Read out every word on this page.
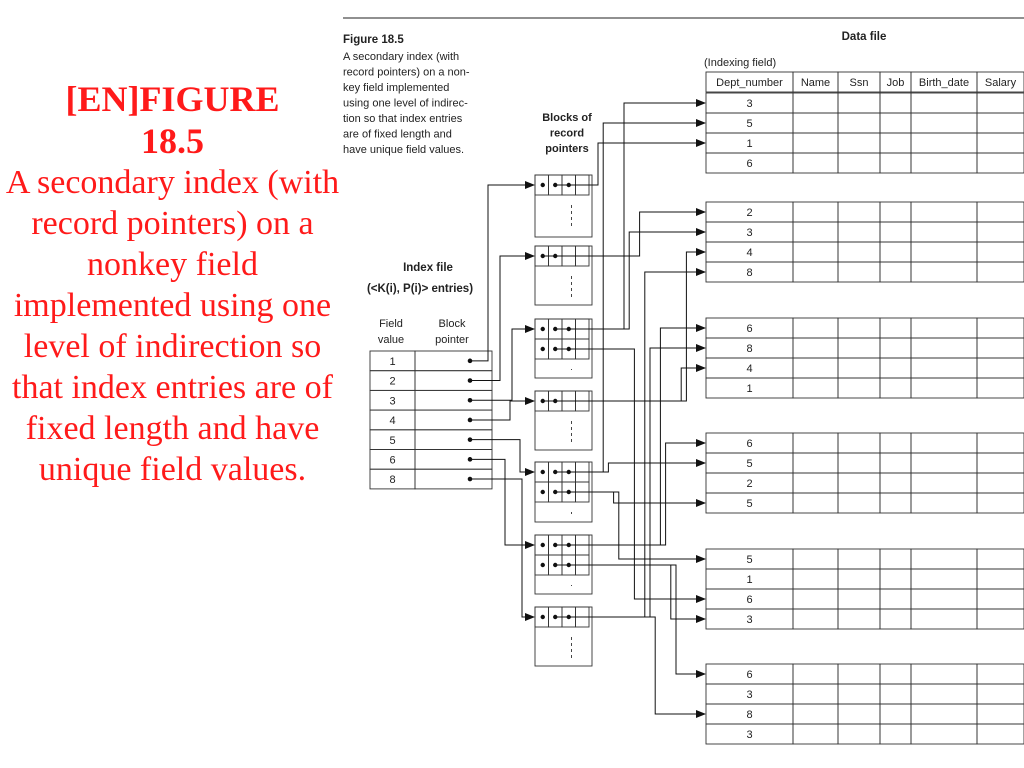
[EN]FIGURE
18.5
A secondary index (with record pointers) on a nonkey field implemented using one level of indirection so that index entries are of fixed length and have unique field values.
Figure 18.5
A secondary index (with
record pointers) on a non-
key field implemented
using one level of indirec-
tion so that index entries
are of fixed length and
have unique field values.
Data file
(Indexing field)
Blocks of
record
pointers
Index file
(<K(i), P(i)> entries)
Field
value
Block
pointer
1
2
3
4
5
6
8
Dept_number Name Ssn Job Birth_date Salary
3
5
1
6
2
3
4
8
6
8
4
1
6
5
2
5
5
1
6
3
6
3
8
3
